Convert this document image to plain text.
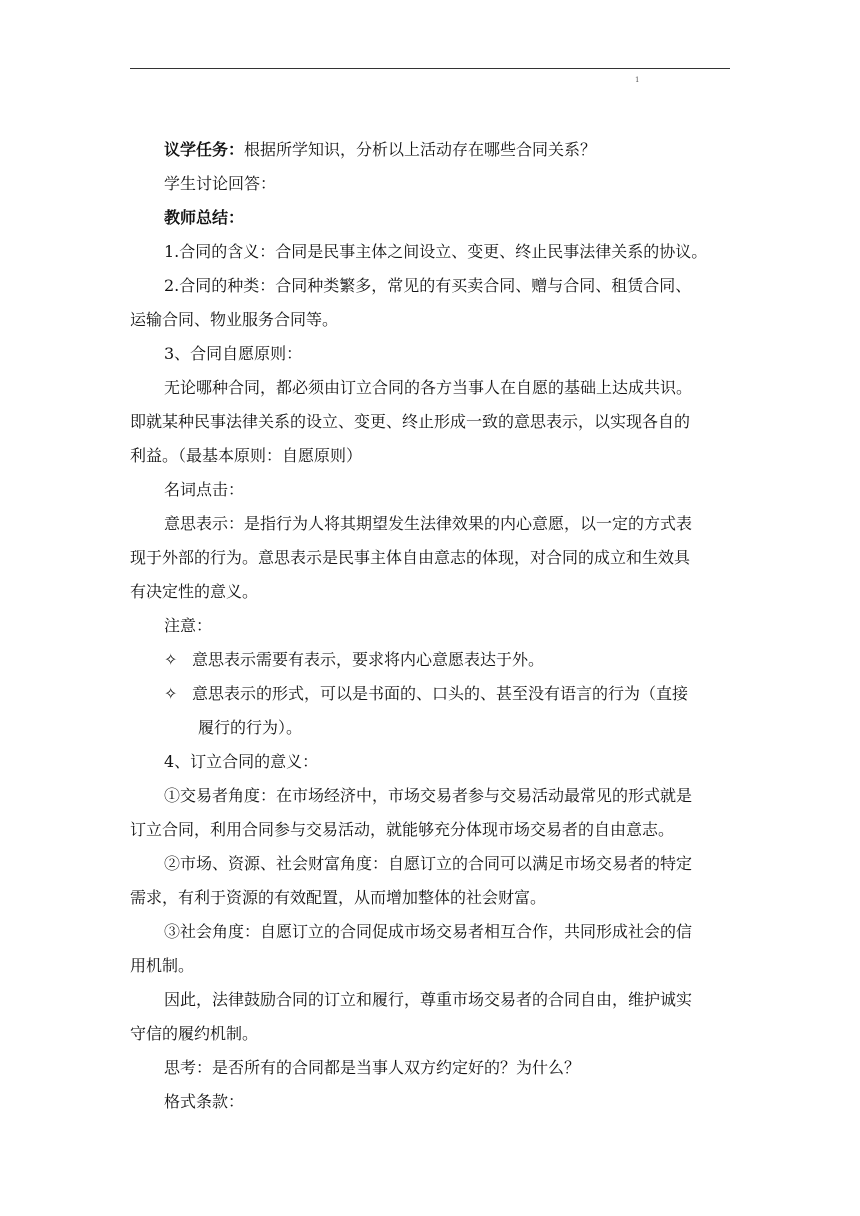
1
议学任务：根据所学知识，分析以上活动存在哪些合同关系？
学生讨论回答：
教师总结：
1.合同的含义：合同是民事主体之间设立、变更、终止民事法律关系的协议。
2.合同的种类：合同种类繁多，常见的有买卖合同、赠与合同、租赁合同、
运输合同、物业服务合同等。
3、合同自愿原则：
无论哪种合同，都必须由订立合同的各方当事人在自愿的基础上达成共识。
即就某种民事法律关系的设立、变更、终止形成一致的意思表示，以实现各自的
利益。（最基本原则：自愿原则）
名词点击：
意思表示：是指行为人将其期望发生法律效果的内心意愿，以一定的方式表
现于外部的行为。意思表示是民事主体自由意志的体现，对合同的成立和生效具
有决定性的意义。
注意：
✧ 意思表示需要有表示，要求将内心意愿表达于外。
✧ 意思表示的形式，可以是书面的、口头的、甚至没有语言的行为（直接
履行的行为）。
4、订立合同的意义：
①交易者角度：在市场经济中，市场交易者参与交易活动最常见的形式就是
订立合同，利用合同参与交易活动，就能够充分体现市场交易者的自由意志。
②市场、资源、社会财富角度：自愿订立的合同可以满足市场交易者的特定
需求，有利于资源的有效配置，从而增加整体的社会财富。
③社会角度：自愿订立的合同促成市场交易者相互合作，共同形成社会的信
用机制。
因此，法律鼓励合同的订立和履行，尊重市场交易者的合同自由，维护诚实
守信的履约机制。
思考：是否所有的合同都是当事人双方约定好的？为什么？
格式条款：
